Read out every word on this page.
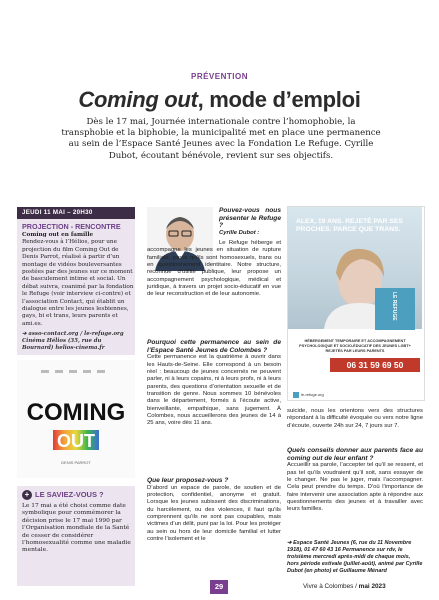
PRÉVENTION
Coming out, mode d’emploi
Dès le 17 mai, Journée internationale contre l’homophobie, la transphobie et la biphobie, la municipalité met en place une permanence au sein de l’Espace Santé Jeunes avec la Fondation Le Refuge. Cyrille Dubot, écoutant bénévole, revient sur ses objectifs.
JEUDI 11 MAI – 20H30
PROJECTION - RENCONTRE
Coming out en famille
Rendez-vous à l’Hélios, pour une projection du film Coming Out de Denis Parrot, réalisé à partir d’un montage de vidéos bouleversantes postées par des jeunes sur ce moment de basculement intime et social. Un débat suivra, coanimé par la fondation le Refuge (voir interview ci-contre) et l’association Contact, qui établit un dialogue entre les jeunes lesbiennes, gays, bi et trans, leurs parents et ami.es.
➔ asso-contact.org / le-refuge.org Cinéma Hélios (35, rue du Bournard) helios-cinema.fr
COMING
OUT
DENIS PARROT
+ LE SAVIEZ-VOUS ?
Le 17 mai a été choisi comme date symbolique pour commémorer la décision prise le 17 mai 1990 par l’Organisation mondiale de la Santé de cesser de considérer l’homosexualité comme une maladie mentale.
Pouvez-vous nous présenter le Refuge ?
Cyrille Dubot :
Le Refuge héberge et accompagne les jeunes en situation de rupture familiale, parce qu’ils sont homosexuels, trans ou en questionnement identitaire. Notre structure, reconnue d’utilité publique, leur propose un accompagnement psychologique, médical et juridique, à travers un projet socio-éducatif en vue de leur reconstruction et de leur autonomie.
Pourquoi cette permanence au sein de l’Espace Santé Jeunes de Colombes ?
Cette permanence est la quatrième à ouvrir dans les Hauts-de-Seine. Elle correspond à un besoin réel : beaucoup de jeunes concernés ne peuvent parler, ni à leurs copains, ni à leurs profs, ni à leurs parents, des questions d’orientation sexuelle et de transition de genre. Nous sommes 10 bénévoles dans le département, formés à l’écoute active, bienveillante, empathique, sans jugement. À Colombes, nous accueillerons des jeunes de 14 à 25 ans, voire dès 11 ans.
Que leur proposez-vous ?
D’abord un espace de parole, de soutien et de protection, confidentiel, anonyme et gratuit. Lorsque les jeunes subissent des discriminations, du harcèlement, ou des violences, il faut qu’ils comprennent qu’ils ne sont pas coupables, mais victimes d’un délit, puni par la loi. Pour les protéger au sein ou hors de leur domicile familial et lutter contre l’isolement et le
ALEX, 19 ANS. REJETÉ PAR SES PROCHES. PARCE QUE TRANS.
LE REFUGE
HÉBERGEMENT TEMPORAIRE ET ACCOMPAGNEMENT PSYCHOLOGIQUE ET SOCIO-ÉDUCATIF DES JEUNES LGBT+ REJETÉS PAR LEURS PARENTS
06 31 59 69 50
le-refuge.org
suicide, nous les orientons vers des structures répondant à la difficulté évoquée ou vers notre ligne d’écoute, ouverte 24h sur 24, 7 jours sur 7.
Quels conseils donner aux parents face au coming out de leur enfant ?
Accueillir sa parole, l’accepter tel qu’il se ressent, et pas tel qu’ils voudraient qu’il soit, sans essayer de le changer. Ne pas le juger, mais l’accompagner. Cela peut prendre du temps. D’où l’importance de faire intervenir une association apte à répondre aux questionnements des jeunes et à travailler avec leurs familles.
➔ Espace Santé Jeunes (6, rue du 11 Novembre 1918), 01 47 60 43 16 Permanence sur rdv, le troisième mercredi après-midi de chaque mois, hors période estivale (juillet-août), animé par Cyrille Dubot (en photo) et Guillaume Ménard
29	Vivre à Colombes / mai 2023
